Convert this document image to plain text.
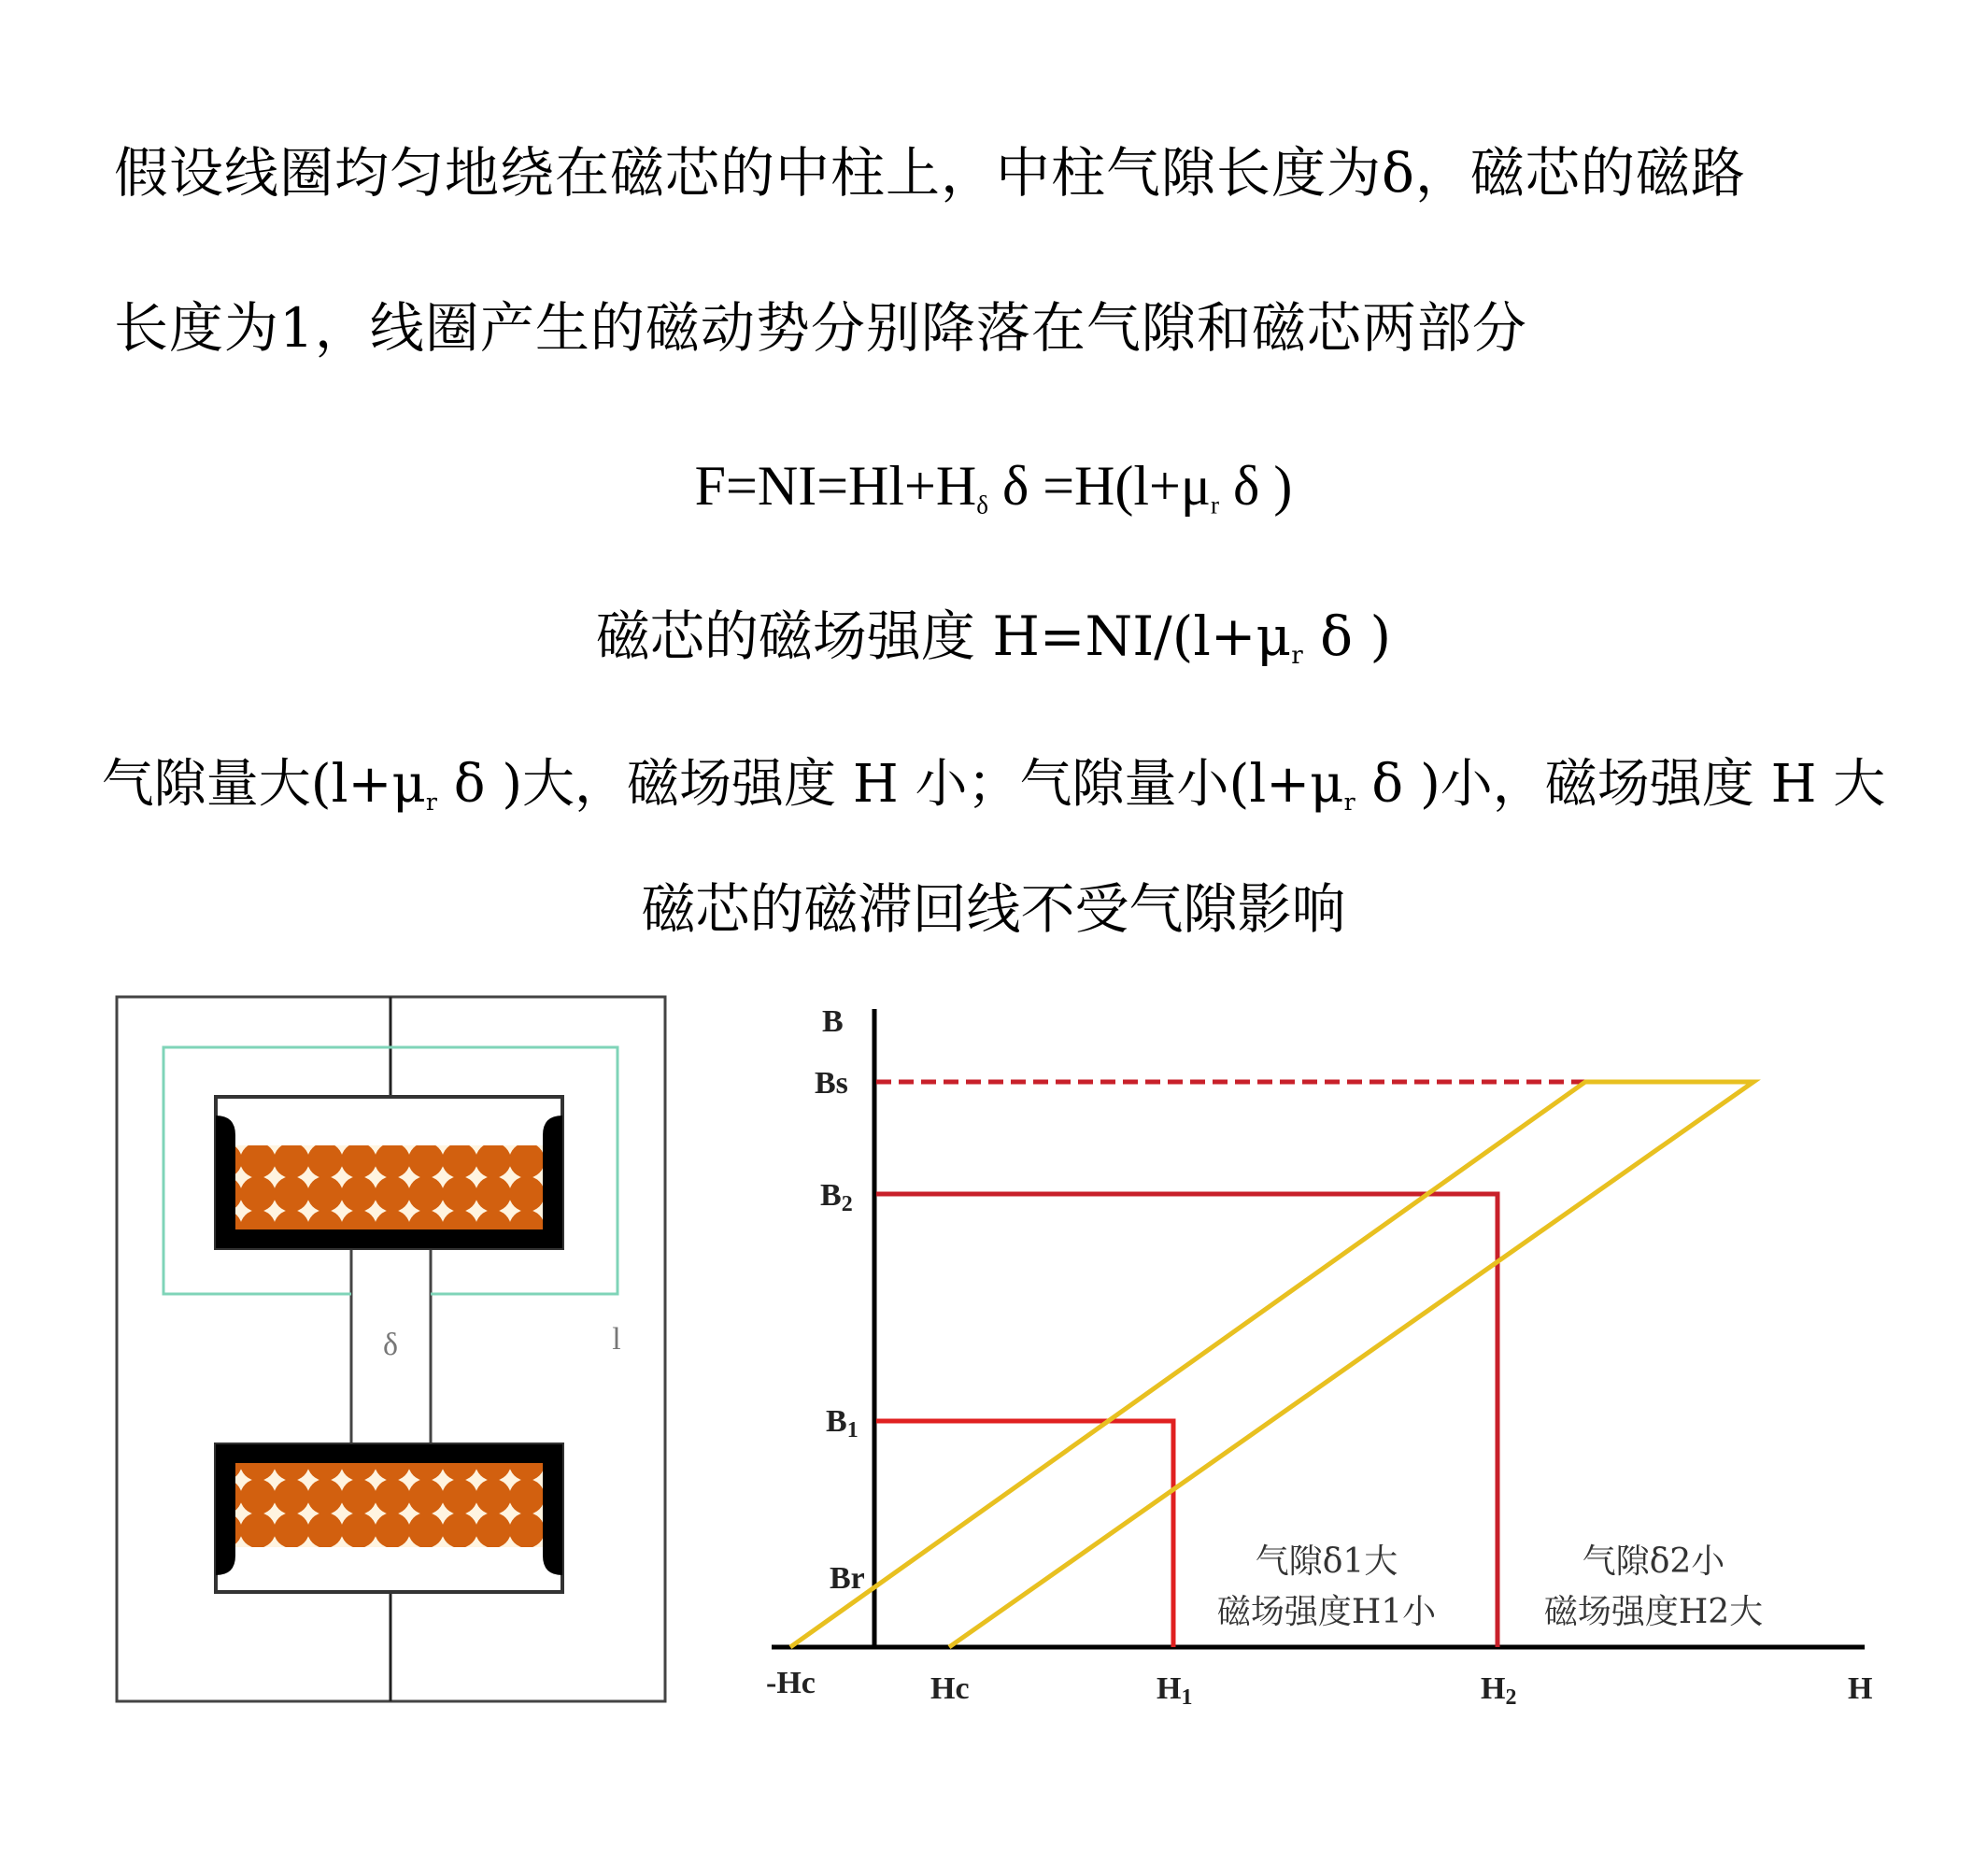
假设线圈均匀地绕在磁芯的中柱上，中柱气隙长度为δ，磁芯的磁路
长度为1，线圈产生的磁动势分别降落在气隙和磁芯两部分
$F=NI=Hl+H_\delta$ $\delta =H(l+\mu_r$ δ )
磁芯的磁场强度 $H=NI/(l+\mu_r$ δ )
气隙量大($l+\mu_r$ δ )大，磁场强度 H 小；气隙量小($l+\mu_r$ δ )小，磁场强度 H 大
磁芯的磁滞回线不受气隙影响
δ	l
B
Bs
B2
B1
Br
-Hc	Hc	H1	H2	H
气隙δ1大
磁场强度H1小
气隙δ2小
磁场强度H2大
